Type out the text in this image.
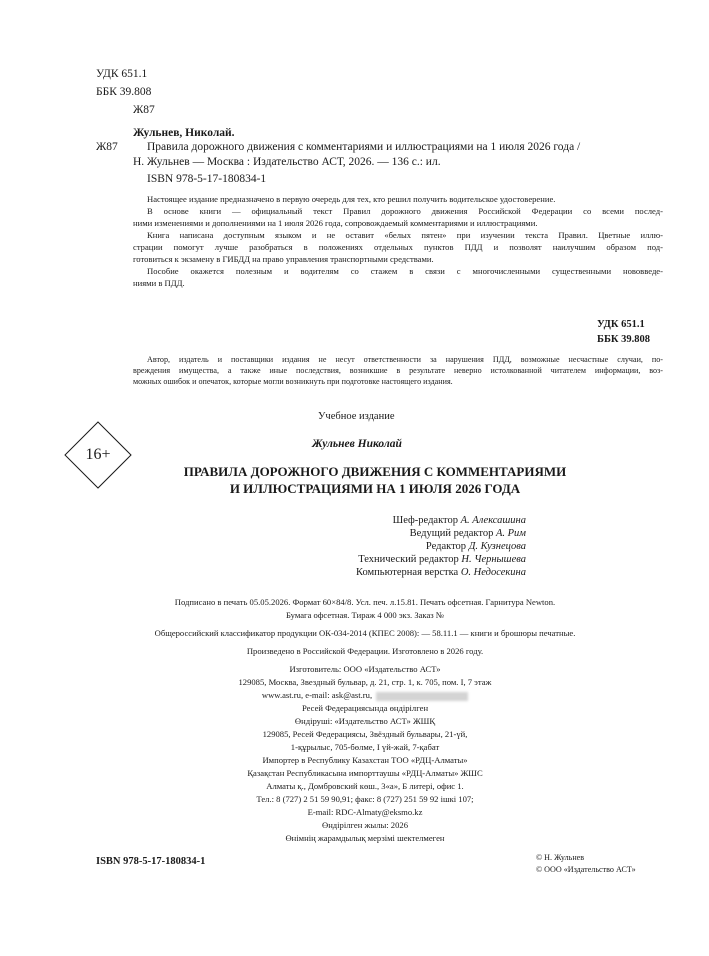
УДК 651.1
ББК 39.808
Ж87
Жульнев, Николай.
Ж87	Правила дорожного движения с комментариями и иллюстрациями на 1 июля 2026 года /
Н. Жульнев — Москва : Издательство АСТ, 2026. — 136 с.: ил.
ISBN 978-5-17-180834-1

Настоящее издание предназначено в первую очередь для тех, кто решил получить водительское удостоверение.

В основе книги — официальный текст Правил дорожного движения Российской Федерации со всеми послед-

ними изменениями и дополнениями на 1 июля 2026 года, сопровождаемый комментариями и иллюстрациями.

Книга написана доступным языком и не оставит «белых пятен» при изучении текста Правил. Цветные иллю-

страции помогут лучше разобраться в положениях отдельных пунктов ПДД и позволят наилучшим образом под-
готовиться к экзамену в ГИБДД на право управления транспортными средствами.

Пособие окажется полезным и водителям со стажем в связи с многочисленными существенными нововведе-

ниями в ПДД.
УДК 651.1
ББК 39.808
Автор, издатель и поставщики издания не несут ответственности за нарушения ПДД, возможные несчастные случаи, по-
вреждения имущества, а также иные последствия, возникшие в результате неверно истолкованной читателем информации, воз-
можных ошибок и опечаток, которые могли возникнуть при подготовке настоящего издания.
Учебное издание
16+
Жульнев Николай
ПРАВИЛА ДОРОЖНОГО ДВИЖЕНИЯ С КОММЕНТАРИЯМИ
И ИЛЛЮСТРАЦИЯМИ НА 1 ИЮЛЯ 2026 ГОДА
Шеф-редактор А. Алексашина
Ведущий редактор А. Рим
Редактор Д. Кузнецова
Технический редактор Н. Чернышева
Компьютерная верстка О. Недосекина
Подписано в печать 05.05.2026. Формат 60×84/8. Усл. печ. л.15.81. Печать офсетная. Гарнитура Newton.
Бумага офсетная. Тираж 4 000 экз. Заказ №
Общероссийский классификатор продукции ОК-034-2014 (КПЕС 2008): — 58.11.1 — книги и брошюры печатные.
Произведено в Российской Федерации. Изготовлено в 2026 году.
Изготовитель: ООО «Издательство АСТ»
129085, Москва, Звездный бульвар, д. 21, стр. 1, к. 705, пом. I, 7 этаж
www.ast.ru, e-mail: ask@ast.ru,
Ресей Федерациясында өндірілген
Өндіруші: «Издательство АСТ» ЖШҚ
129085, Ресей Федерациясы, Звёздный бульвары, 21-үй,
1-құрылыс, 705-бөлме, I үй-жай, 7-қабат
Импортер в Республику Казахстан ТОО «РДЦ-Алматы»
Қазақстан Республикасына импорттаушы «РДЦ-Алматы» ЖШС
Алматы қ., Домбровский көш., 3«а», Б литері, офис 1.
Тел.: 8 (727) 2 51 59 90,91; факс: 8 (727) 251 59 92 ішкі 107;
E-mail: RDC-Almaty@eksmo.kz
Өндірілген жылы: 2026
Өнімнің жарамдылық мерзімі шектелмеген
ISBN 978-5-17-180834-1	© Н. Жульнев
© ООО «Издательство АСТ»
